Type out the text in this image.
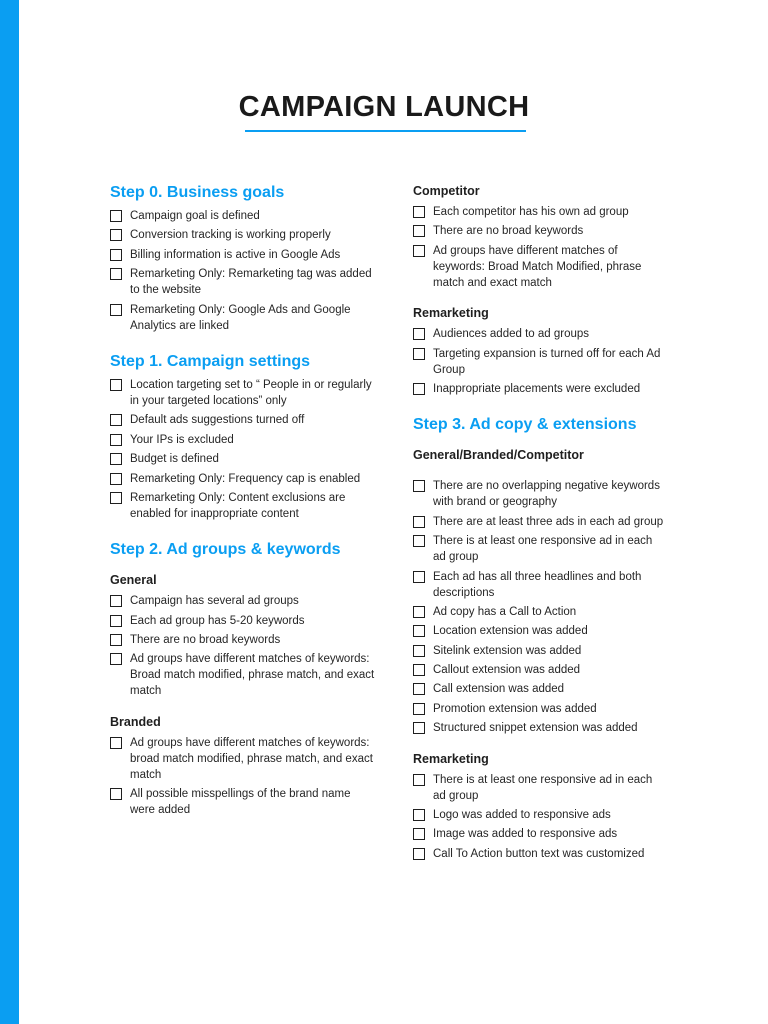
CAMPAIGN LAUNCH
Step 0. Business goals
Campaign goal is defined
Conversion tracking is working properly
Billing information is active in Google Ads
Remarketing Only: Remarketing tag was added to the website
Remarketing Only: Google Ads and Google Analytics are linked
Step 1. Campaign settings
Location targeting set to “ People in or regularly in your targeted locations” only
Default ads suggestions turned off
Your IPs is excluded
Budget is defined
Remarketing Only: Frequency cap is enabled
Remarketing Only: Content exclusions are enabled for inappropriate content
Step 2. Ad groups & keywords
General
Campaign has several ad groups
Each ad group has 5-20 keywords
There are no broad keywords
Ad groups have different matches of keywords: Broad match modified, phrase match, and exact match
Branded
Ad groups have different matches of keywords: broad match modified, phrase match, and exact match
All possible misspellings of the brand name were added
Competitor
Each competitor has his own ad group
There are no broad keywords
Ad groups have different matches of keywords: Broad Match Modified, phrase match and exact match
Remarketing
Audiences added to ad groups
Targeting expansion is turned off for each Ad Group
Inappropriate placements were excluded
Step 3. Ad copy & extensions
General/Branded/Competitor
There are no overlapping negative keywords with brand or geography
There are at least three ads in each ad group
There is at least one responsive ad in each ad group
Each ad has all three headlines and both descriptions
Ad copy has a Call to Action
Location extension was added
Sitelink extension was added
Callout extension was added
Call extension was added
Promotion extension was added
Structured snippet extension was added
Remarketing
There is at least one responsive ad in each ad group
Logo was added to responsive ads
Image was added to responsive ads
Call To Action button text was customized
